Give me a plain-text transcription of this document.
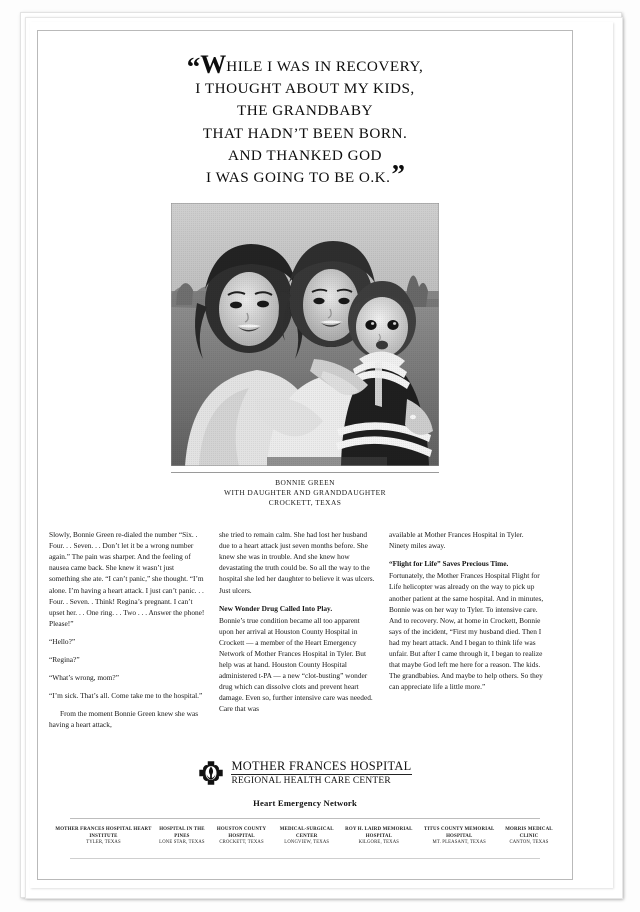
“WHILE I WAS IN RECOVERY,
I THOUGHT ABOUT MY KIDS,
THE GRANDBABY
THAT HADN’T BEEN BORN.
AND THANKED GOD
I WAS GOING TO BE O.K.”
BONNIE GREEN
WITH DAUGHTER AND GRANDDAUGHTER
CROCKETT, TEXAS

Slowly, Bonnie Green re-dialed the number “Six. . Four. . . Seven. . . Don’t let it be a wrong number again.” The pain was sharper. And the feeling of nausea came back. She knew it wasn’t just something she ate. “I can’t panic,” she thought. “I’m alone. I’m having a heart attack. I just can’t panic. . . Four. . Seven. . Think! Regina’s pregnant. I can’t upset her. . . One ring. . . Two . . . Answer the phone! Please!”

“Hello?”

“Regina?”

“What’s wrong, mom?”

“I’m sick. That’s all. Come take me to the hospital.”

From the moment Bonnie Green knew she was having a heart attack,

she tried to remain calm. She had lost her husband due to a heart attack just seven months before. She knew she was in trouble. And she knew how devastating the truth could be. So all the way to the hospital she led her daughter to believe it was ulcers. Just ulcers.

New Wonder Drug Called Into Play.

Bonnie’s true condition became all too apparent upon her arrival at Houston County Hospital in Crockett — a member of the Heart Emergency Network of Mother Frances Hospital in Tyler. But help was at hand. Houston County Hospital administered t-PA — a new “clot-busting” wonder drug which can dissolve clots and prevent heart damage. Even so, further intensive care was needed. Care that was

available at Mother Frances Hospital in Tyler. Ninety miles away.

“Flight for Life” Saves Precious Time.

Fortunately, the Mother Frances Hospital Flight for Life helicopter was already on the way to pick up another patient at the same hospital. And in minutes, Bonnie was on her way to Tyler. To intensive care. And to recovery. Now, at home in Crockett, Bonnie says of the incident, “First my husband died. Then I had my heart attack. And I began to think life was unfair. But after I came through it, I began to realize that maybe God left me here for a reason. The kids. The grandbabies. And maybe to help others. So they can appreciate life a little more.”

MOTHER FRANCES HOSPITAL
REGIONAL HEALTH CARE CENTER
Heart Emergency Network
MOTHER FRANCES HOSPITAL HEART INSTITUTE
TYLER, TEXAS
HOSPITAL IN THE PINES
LONE STAR, TEXAS
HOUSTON COUNTY HOSPITAL
CROCKETT, TEXAS
MEDICAL-SURGICAL CENTER
LONGVIEW, TEXAS
ROY H. LAIRD MEMORIAL HOSPITAL
KILGORE, TEXAS
TITUS COUNTY MEMORIAL HOSPITAL
MT. PLEASANT, TEXAS
MORRIS MEDICAL CLINIC
CANTON, TEXAS
